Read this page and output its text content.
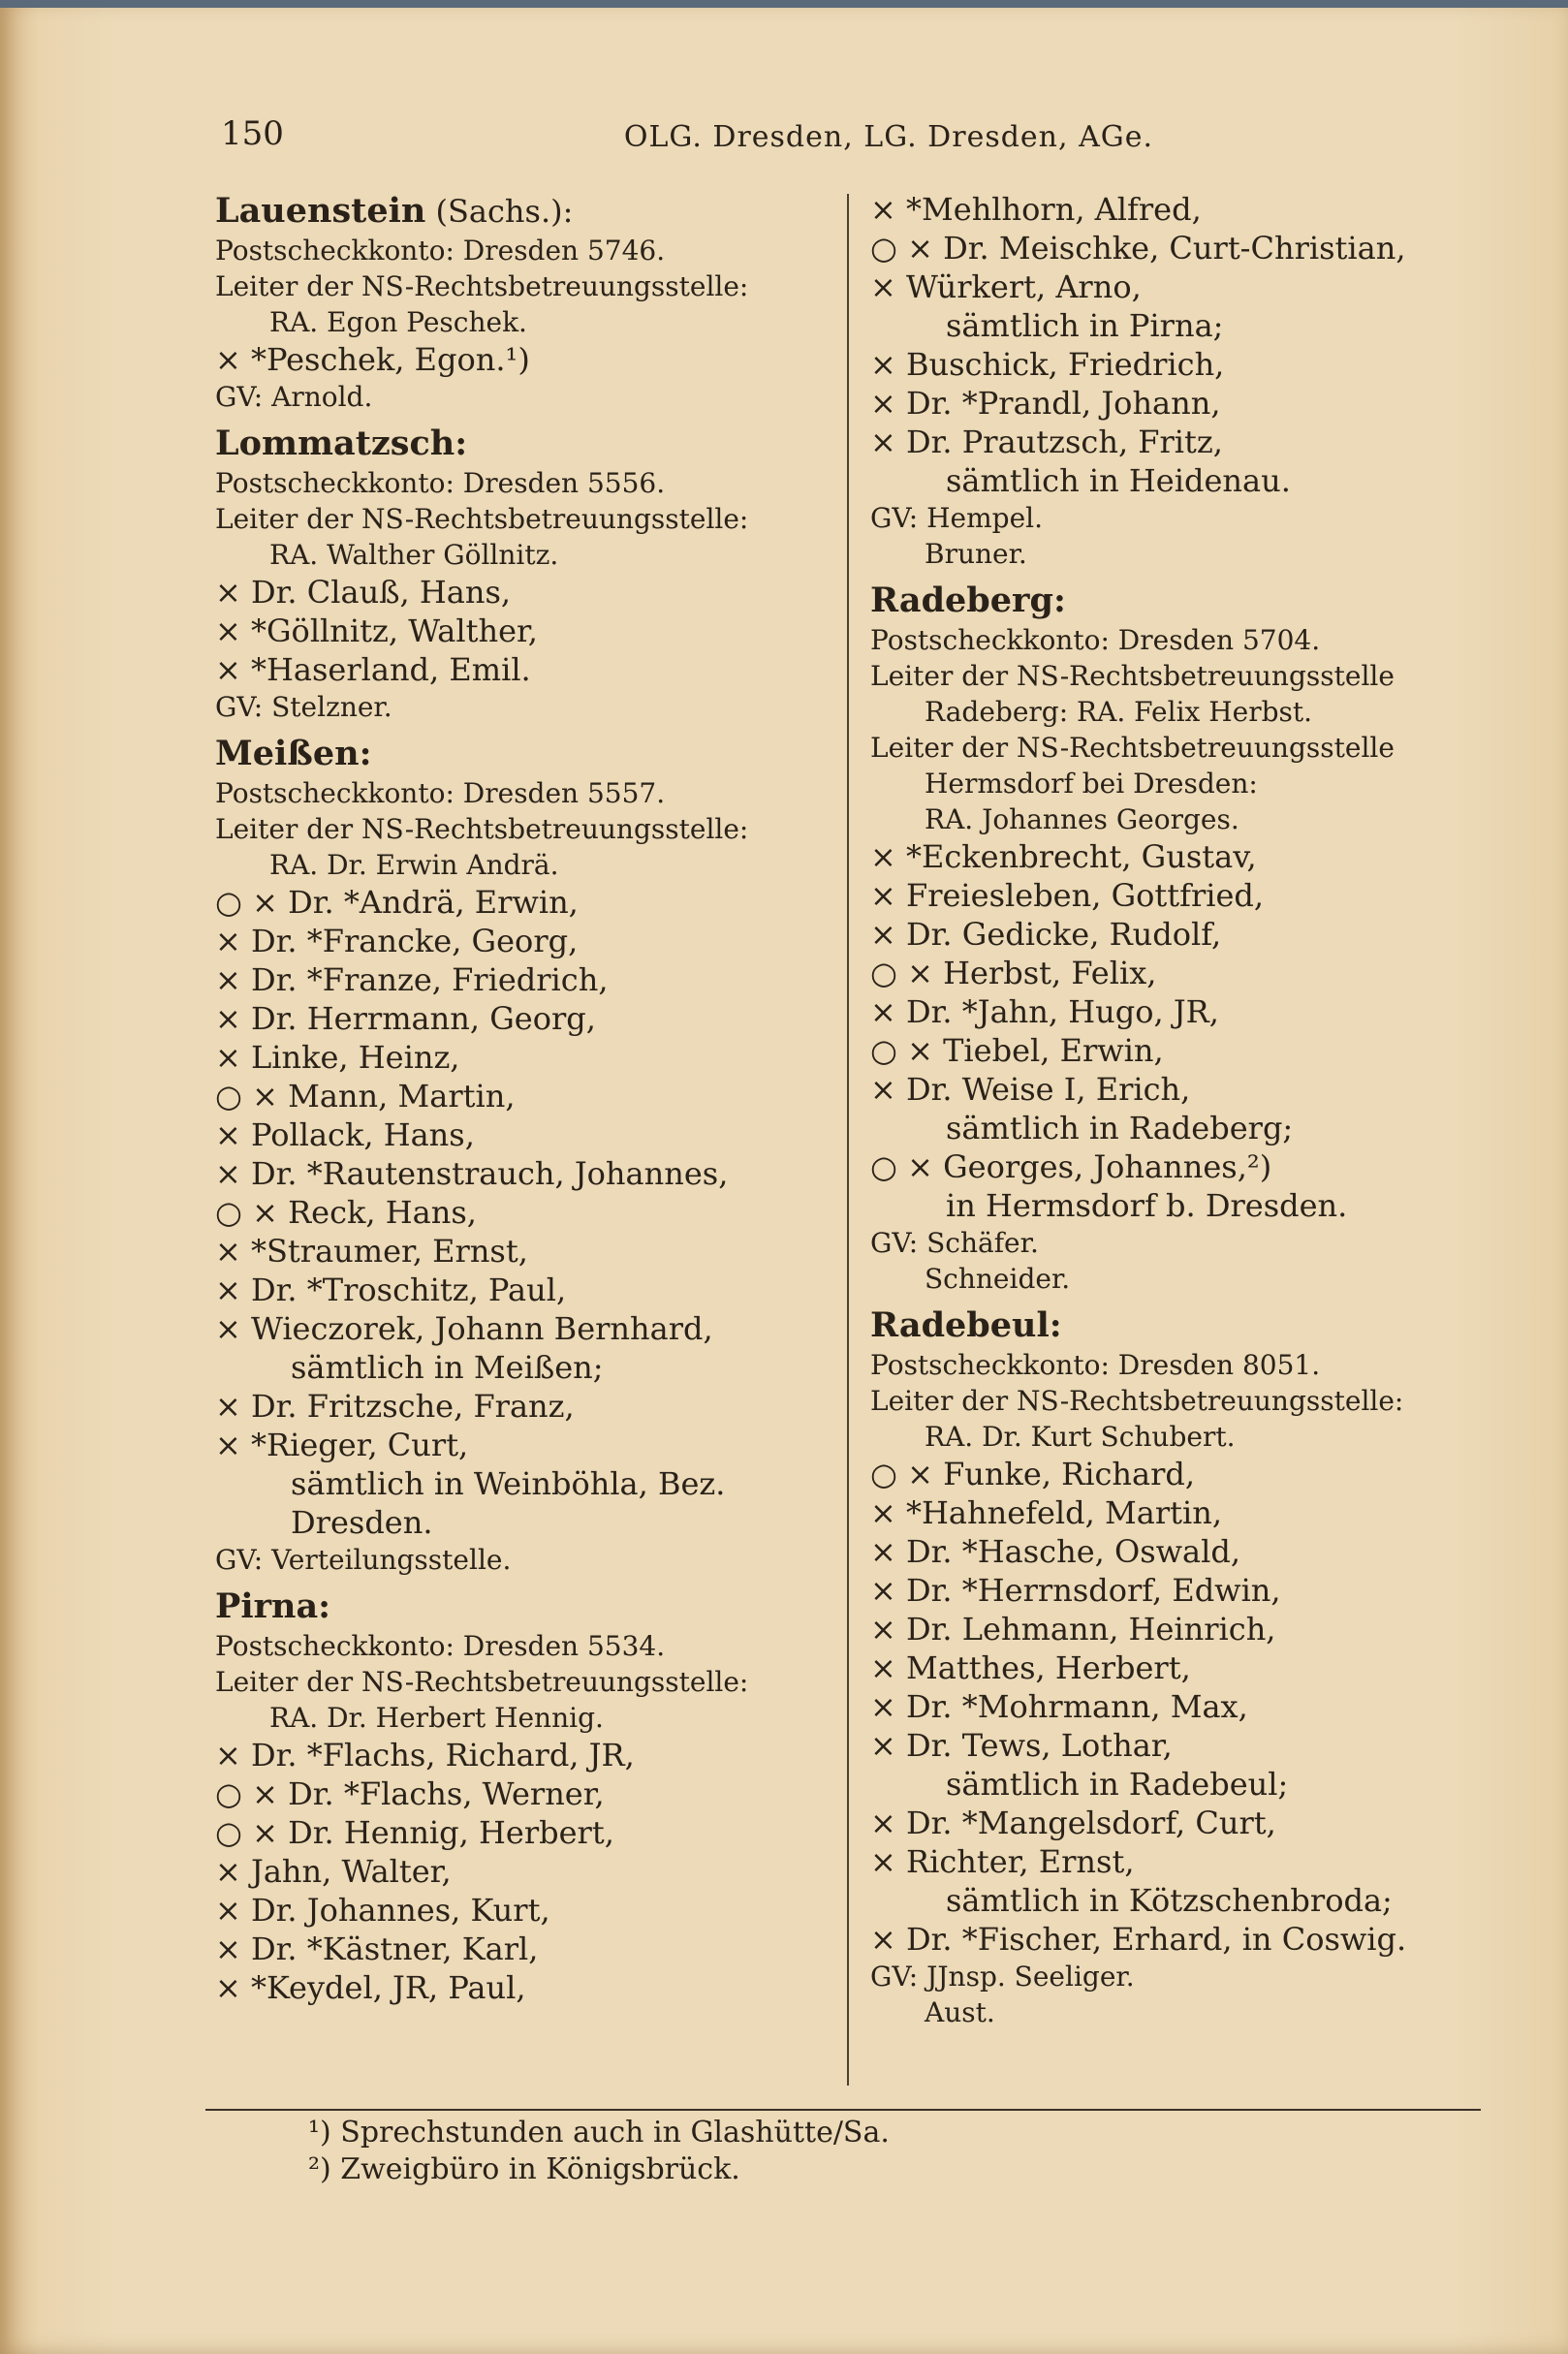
150	OLG. Dresden, LG. Dresden, AGe.
Lauenstein (Sachs.):
Postscheckkonto: Dresden 5746.
Leiter der NS-Rechtsbetreuungsstelle:
RA. Egon Peschek.
× *Peschek, Egon.¹)
GV: Arnold.
Lommatzsch:
Postscheckkonto: Dresden 5556.
Leiter der NS-Rechtsbetreuungsstelle:
RA. Walther Göllnitz.
× Dr. Clauß, Hans,
× *Göllnitz, Walther,
× *Haserland, Emil.
GV: Stelzner.
Meißen:
Postscheckkonto: Dresden 5557.
Leiter der NS-Rechtsbetreuungsstelle:
RA. Dr. Erwin Andrä.
○ × Dr. *Andrä, Erwin,
× Dr. *Francke, Georg,
× Dr. *Franze, Friedrich,
× Dr. Herrmann, Georg,
× Linke, Heinz,
○ × Mann, Martin,
× Pollack, Hans,
× Dr. *Rautenstrauch, Johannes,
○ × Reck, Hans,
× *Straumer, Ernst,
× Dr. *Troschitz, Paul,
× Wieczorek, Johann Bernhard,
sämtlich in Meißen;
× Dr. Fritzsche, Franz,
× *Rieger, Curt,
sämtlich in Weinböhla, Bez.
Dresden.
GV: Verteilungsstelle.
Pirna:
Postscheckkonto: Dresden 5534.
Leiter der NS-Rechtsbetreuungsstelle:
RA. Dr. Herbert Hennig.
× Dr. *Flachs, Richard, JR,
○ × Dr. *Flachs, Werner,
○ × Dr. Hennig, Herbert,
× Jahn, Walter,
× Dr. Johannes, Kurt,
× Dr. *Kästner, Karl,
× *Keydel, JR, Paul,
× *Mehlhorn, Alfred,
○ × Dr. Meischke, Curt-Christian,
× Würkert, Arno,
sämtlich in Pirna;
× Buschick, Friedrich,
× Dr. *Prandl, Johann,
× Dr. Prautzsch, Fritz,
sämtlich in Heidenau.
GV: Hempel.
Bruner.
Radeberg:
Postscheckkonto: Dresden 5704.
Leiter der NS-Rechtsbetreuungsstelle
Radeberg: RA. Felix Herbst.
Leiter der NS-Rechtsbetreuungsstelle
Hermsdorf bei Dresden:
RA. Johannes Georges.
× *Eckenbrecht, Gustav,
× Freiesleben, Gottfried,
× Dr. Gedicke, Rudolf,
○ × Herbst, Felix,
× Dr. *Jahn, Hugo, JR,
○ × Tiebel, Erwin,
× Dr. Weise I, Erich,
sämtlich in Radeberg;
○ × Georges, Johannes,²)
in Hermsdorf b. Dresden.
GV: Schäfer.
Schneider.
Radebeul:
Postscheckkonto: Dresden 8051.
Leiter der NS-Rechtsbetreuungsstelle:
RA. Dr. Kurt Schubert.
○ × Funke, Richard,
× *Hahnefeld, Martin,
× Dr. *Hasche, Oswald,
× Dr. *Herrnsdorf, Edwin,
× Dr. Lehmann, Heinrich,
× Matthes, Herbert,
× Dr. *Mohrmann, Max,
× Dr. Tews, Lothar,
sämtlich in Radebeul;
× Dr. *Mangelsdorf, Curt,
× Richter, Ernst,
sämtlich in Kötzschenbroda;
× Dr. *Fischer, Erhard, in Coswig.
GV: JJnsp. Seeliger.
Aust.
¹) Sprechstunden auch in Glashütte/Sa.
²) Zweigbüro in Königsbrück.
